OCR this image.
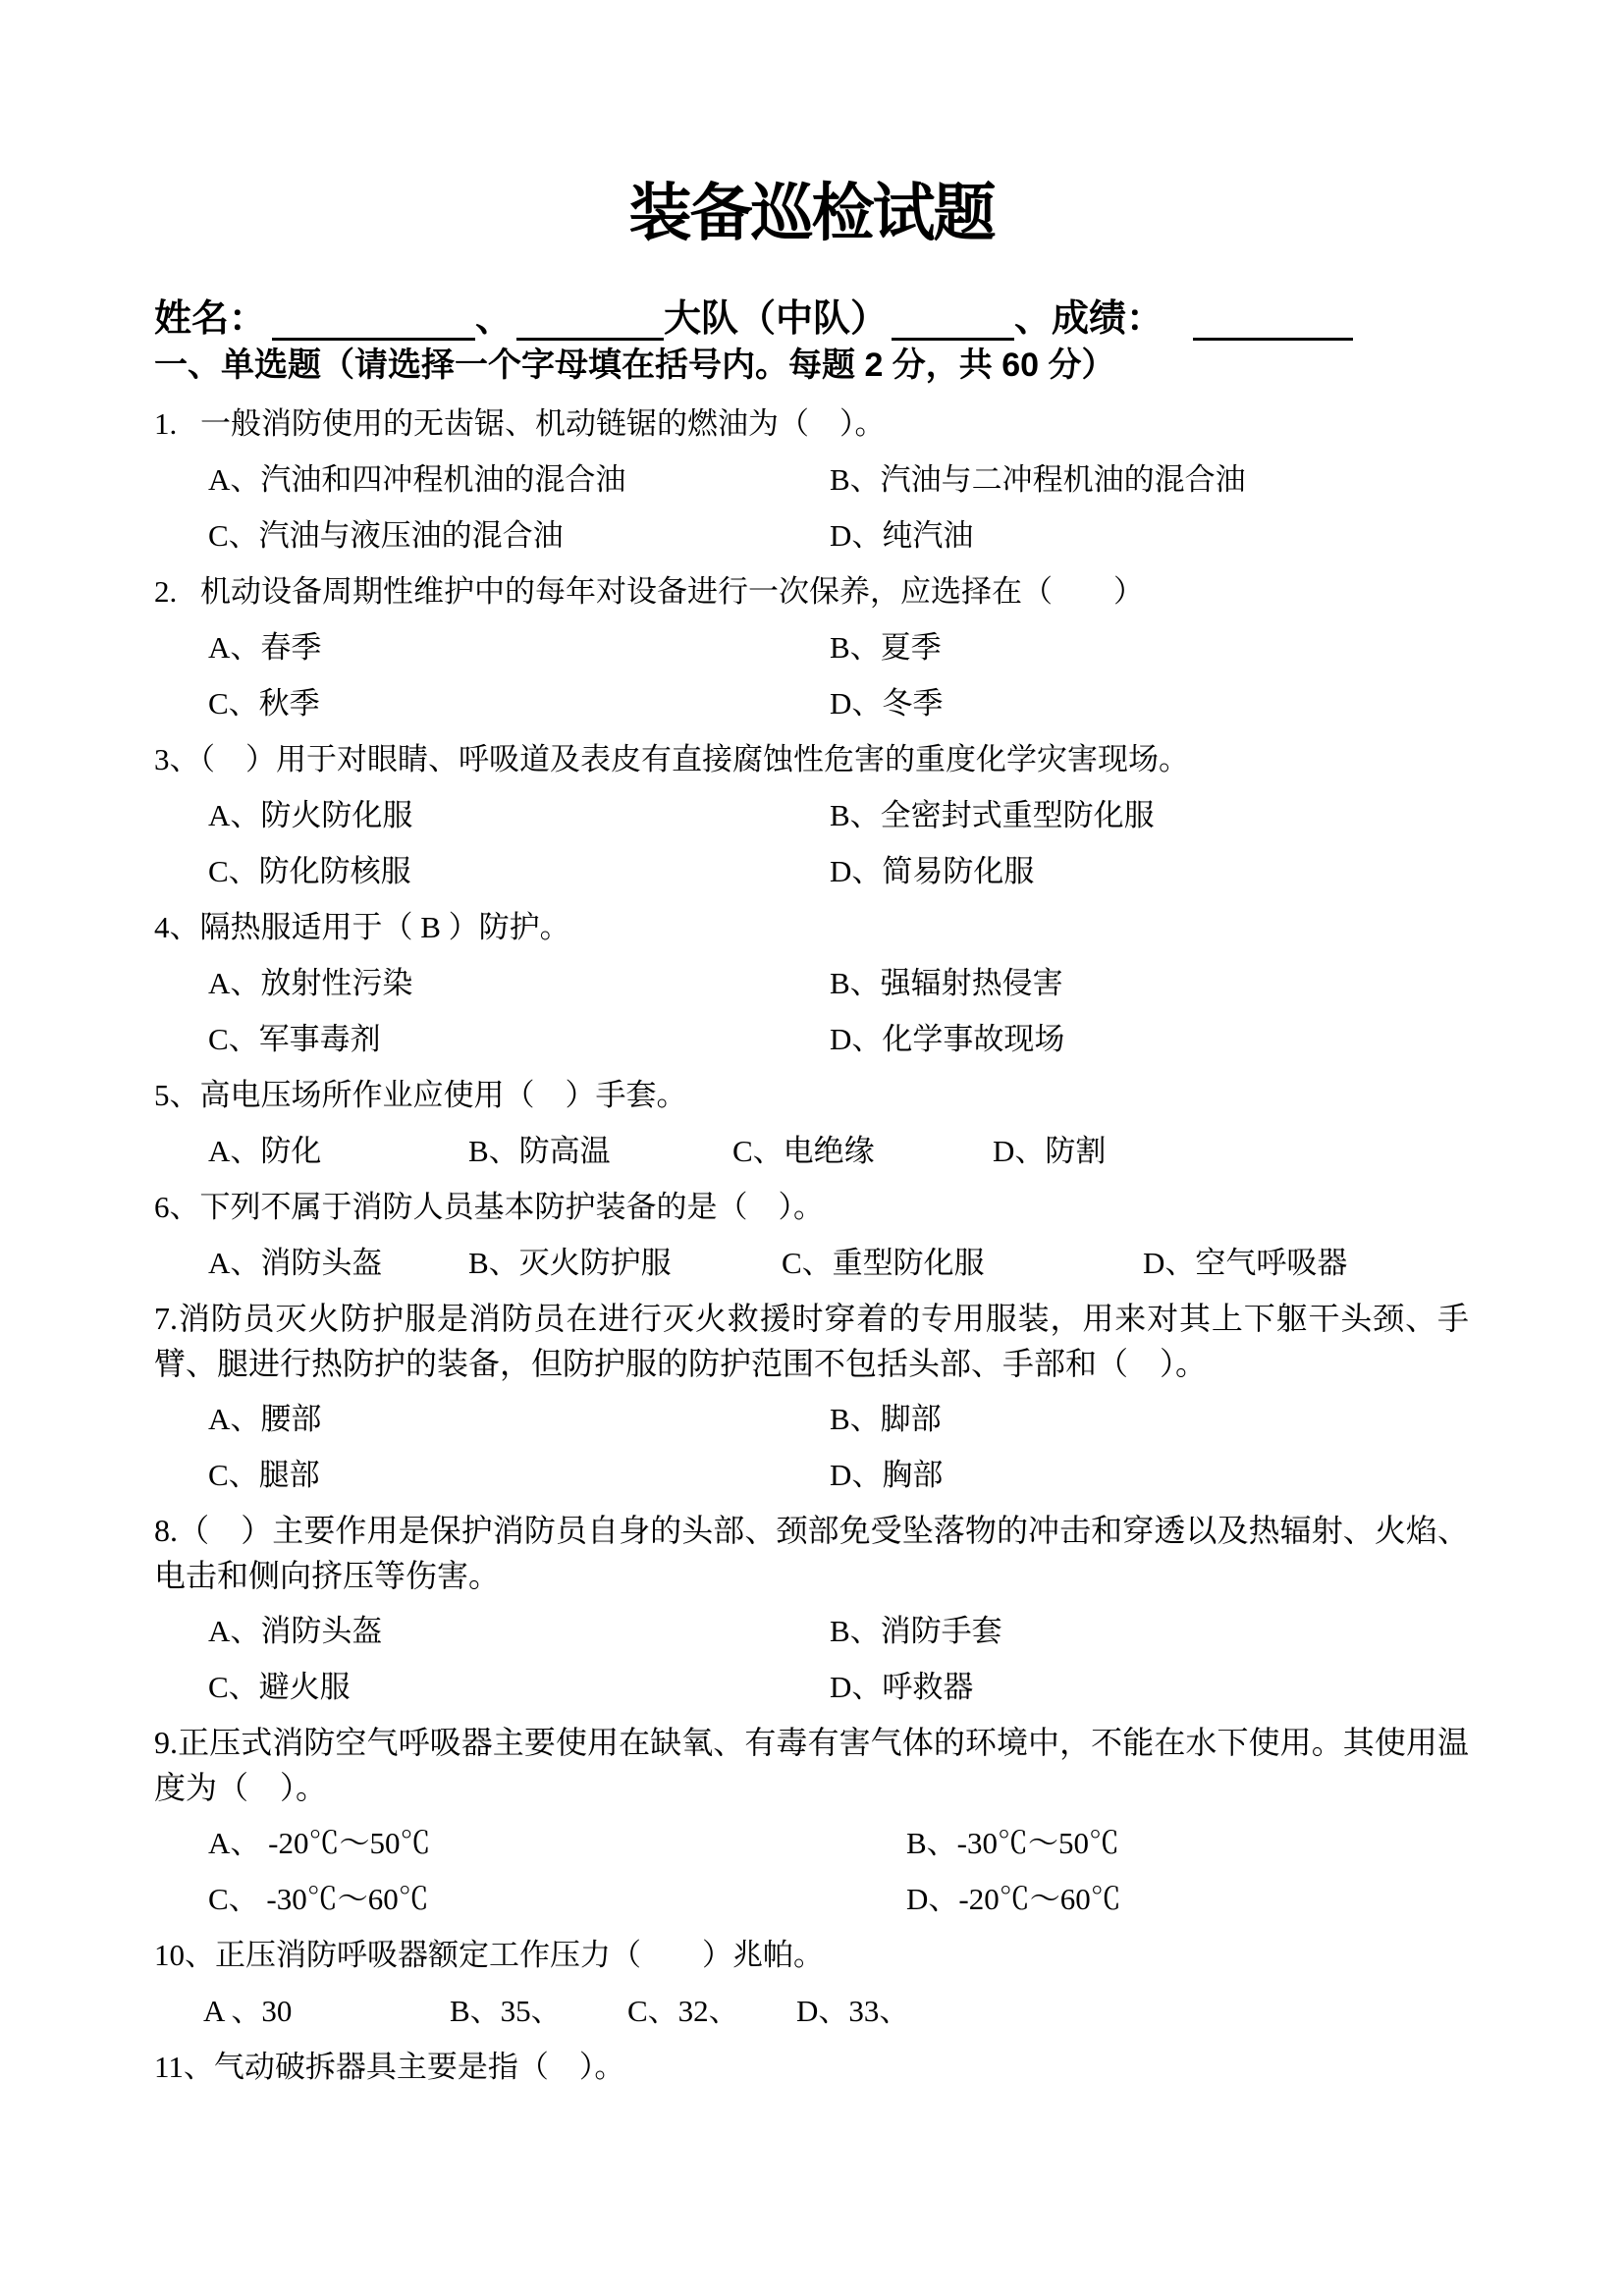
装备巡检试题
姓名：	、	大队（中队）	、成绩：
一、单选题（请选择一个字母填在括号内。每题 2 分，共 60 分）
1. 一般消防使用的无齿锯、机动链锯的燃油为（　）。
A、汽油和四冲程机油的混合油	B、汽油与二冲程机油的混合油
C、汽油与液压油的混合油	D、纯汽油
2. 机动设备周期性维护中的每年对设备进行一次保养，应选择在（　　）
A、春季	B、夏季
C、秋季	D、冬季
3、（　）用于对眼睛、呼吸道及表皮有直接腐蚀性危害的重度化学灾害现场。
A、防火防化服	B、全密封式重型防化服
C、防化防核服	D、简易防化服
4、隔热服适用于（ B ）防护。
A、放射性污染	B、强辐射热侵害
C、军事毒剂	D、化学事故现场
5、高电压场所作业应使用（　）手套。
A、防化	B、防高温	C、电绝缘	D、防割
6、下列不属于消防人员基本防护装备的是（　）。
A、消防头盔	B、灭火防护服	C、重型防化服	D、空气呼吸器
7.消防员灭火防护服是消防员在进行灭火救援时穿着的专用服装，用来对其上下躯干头颈、手臂、腿进行热防护的装备，但防护服的防护范围不包括头部、手部和（　）。
A、腰部	B、脚部
C、腿部	D、胸部
8.（　）主要作用是保护消防员自身的头部、颈部免受坠落物的冲击和穿透以及热辐射、火焰、电击和侧向挤压等伤害。
A、消防头盔	B、消防手套
C、避火服	D、呼救器
9.正压式消防空气呼吸器主要使用在缺氧、有毒有害气体的环境中，不能在水下使用。其使用温度为（　）。
A、 -20℃～50℃	B、-30℃～50℃
C、 -30℃～60℃	D、-20℃～60℃
10、正压消防呼吸器额定工作压力（　　）兆帕。
A 、30	B、35、	C、32、	D、33、
11、气动破拆器具主要是指（　）。
